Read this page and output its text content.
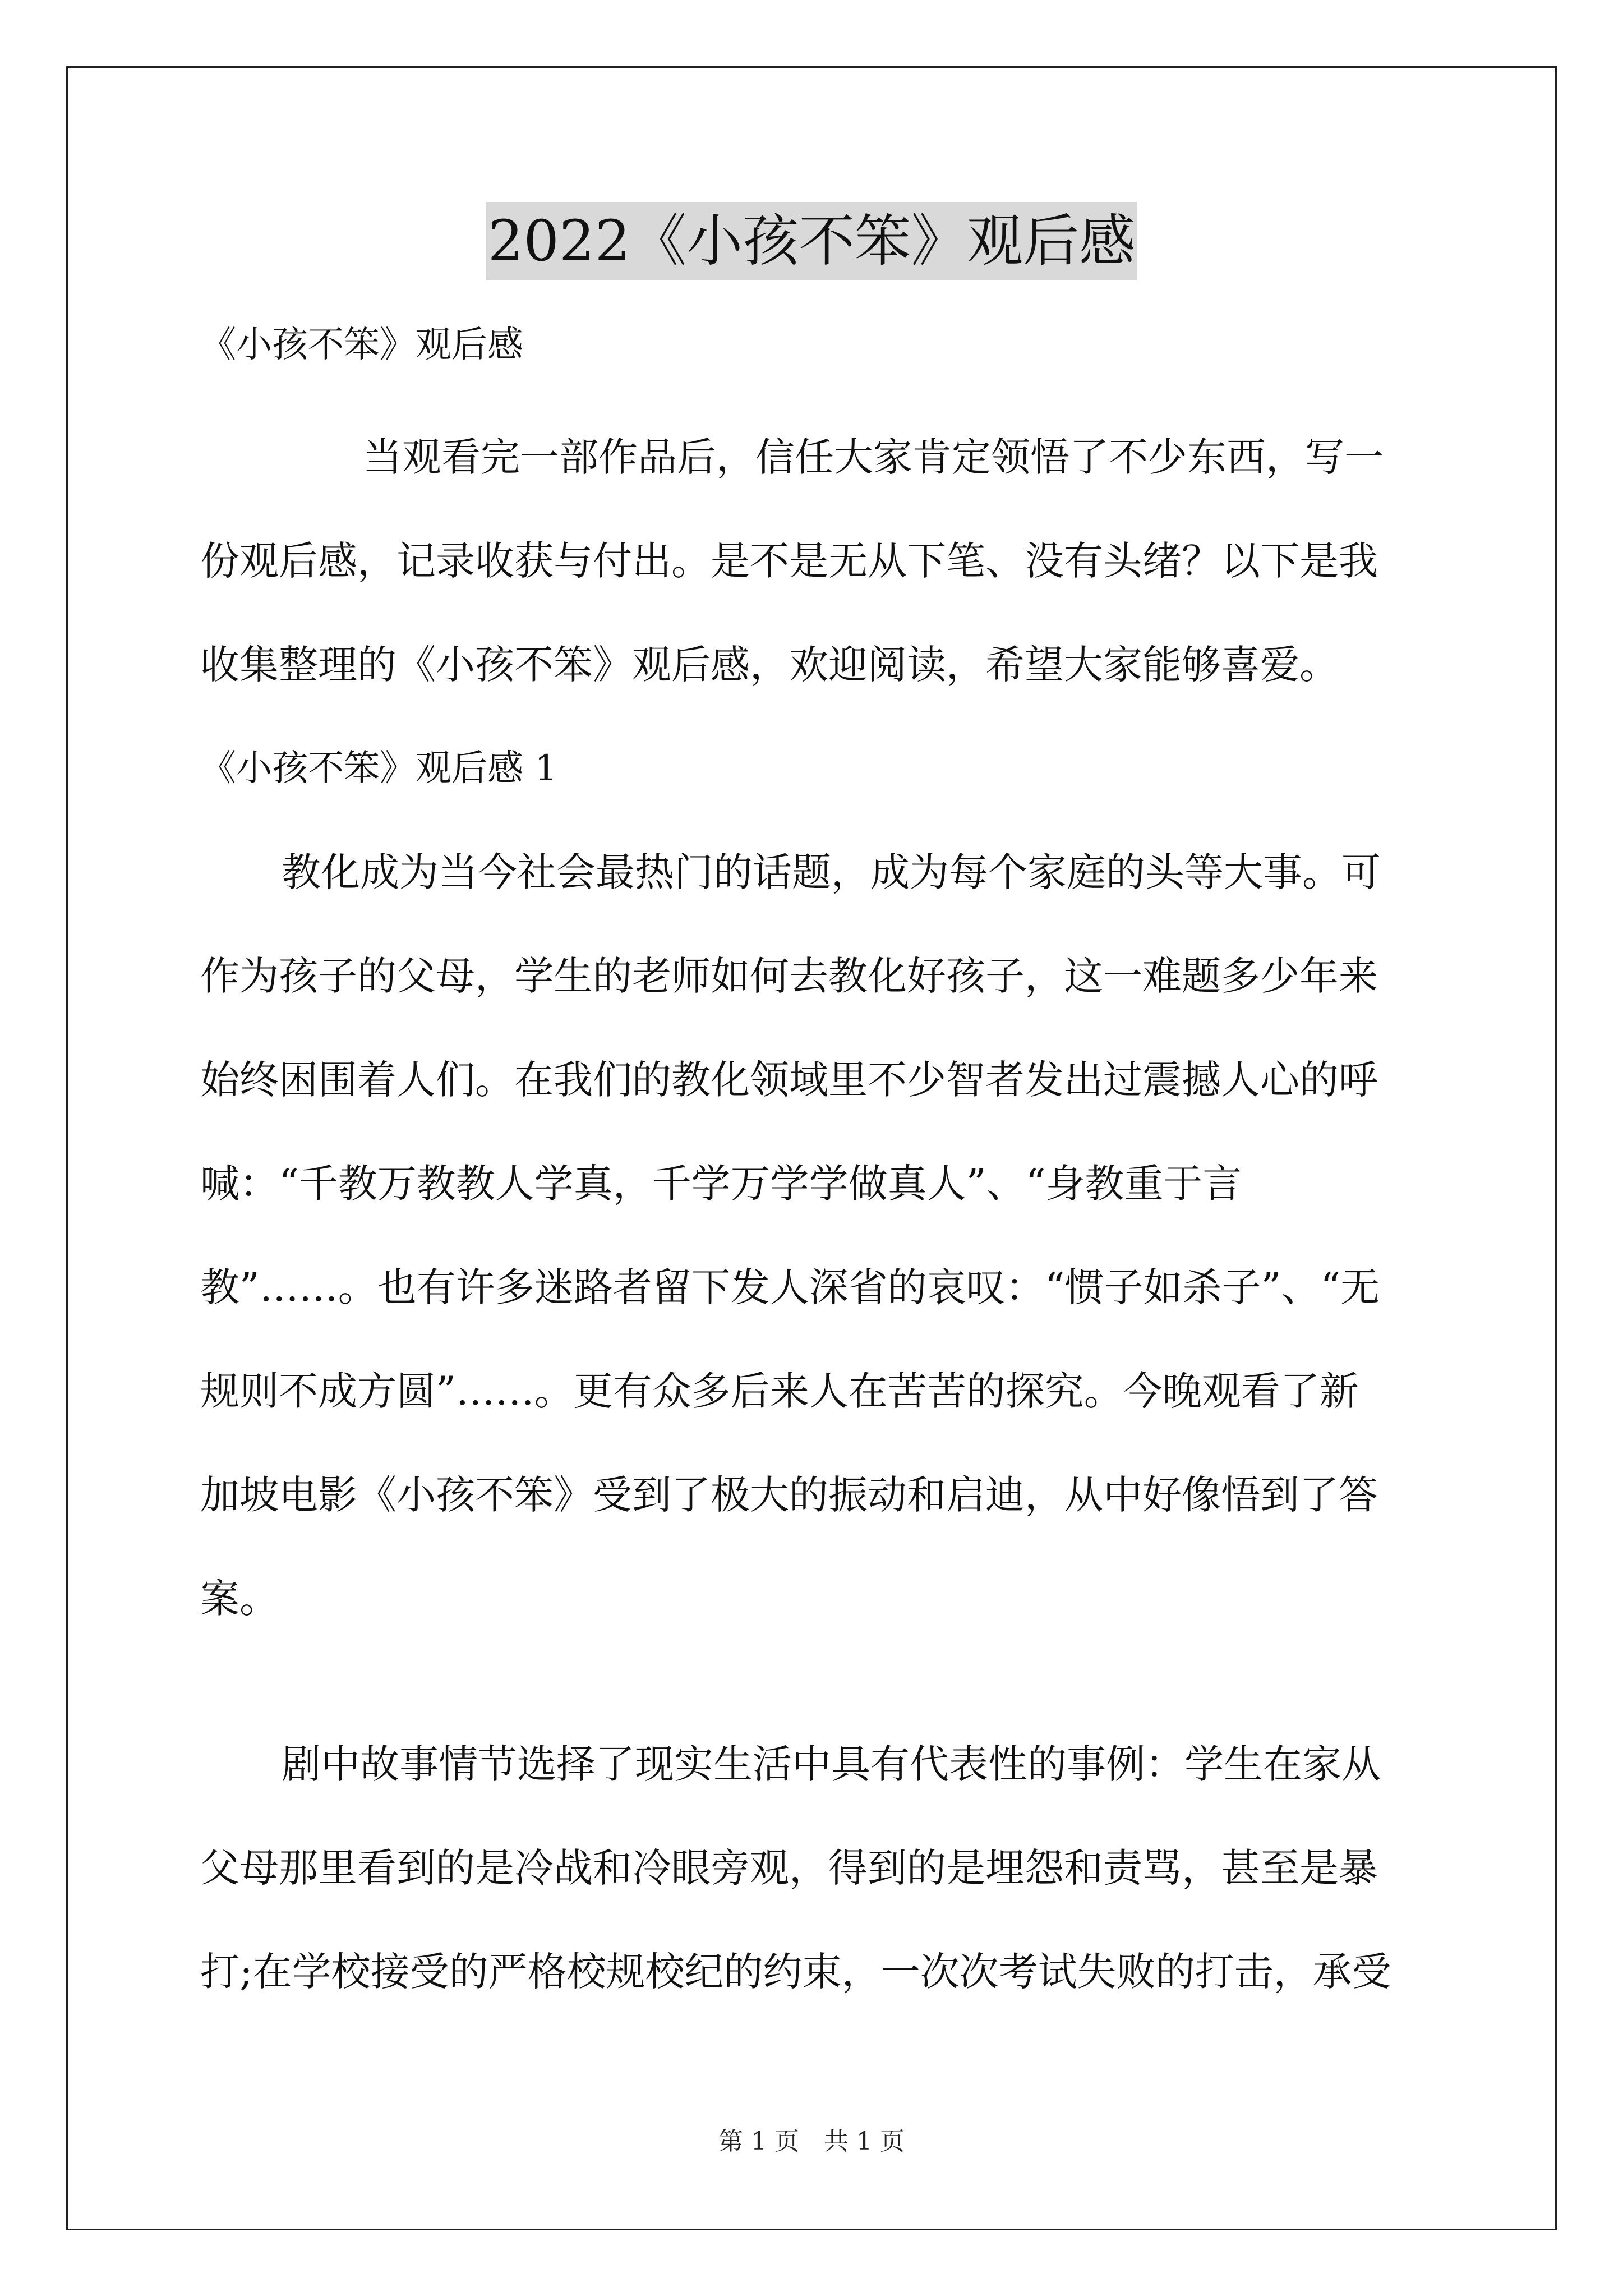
2022《小孩不笨》观后感
《小孩不笨》观后感
当观看完一部作品后，信任大家肯定领悟了不少东西，写一
份观后感，记录收获与付出。是不是无从下笔、没有头绪？以下是我
收集整理的《小孩不笨》观后感，欢迎阅读，希望大家能够喜爱。
《小孩不笨》观后感 1
教化成为当今社会最热门的话题，成为每个家庭的头等大事。可
作为孩子的父母，学生的老师如何去教化好孩子，这一难题多少年来
始终困围着人们。在我们的教化领域里不少智者发出过震撼人心的呼
喊：“千教万教教人学真，千学万学学做真人”、“身教重于言
教”……。也有许多迷路者留下发人深省的哀叹：“惯子如杀子”、“无
规则不成方圆”……。更有众多后来人在苦苦的探究。今晚观看了新
加坡电影《小孩不笨》受到了极大的振动和启迪，从中好像悟到了答
案。
剧中故事情节选择了现实生活中具有代表性的事例：学生在家从
父母那里看到的是冷战和冷眼旁观，得到的是埋怨和责骂，甚至是暴
打;在学校接受的严格校规校纪的约束，一次次考试失败的打击，承受
第 1 页　共 1 页
